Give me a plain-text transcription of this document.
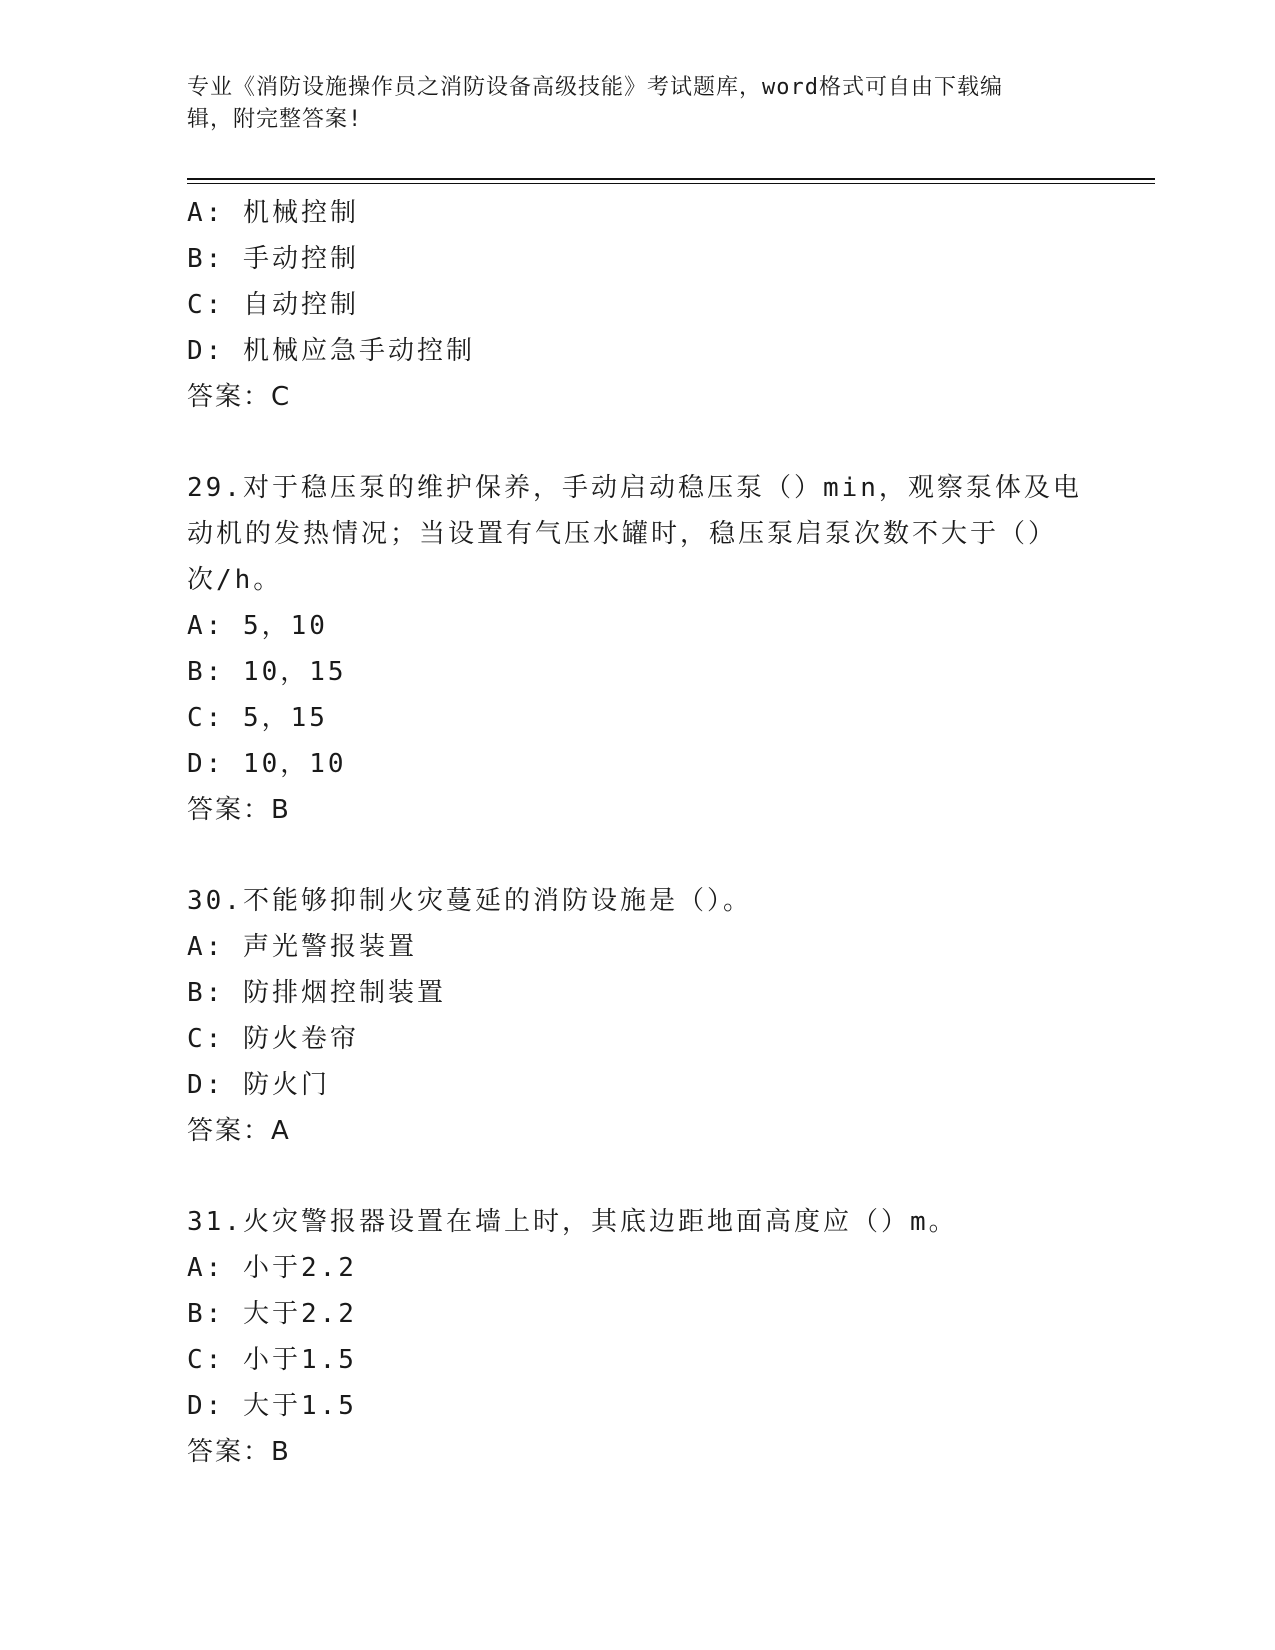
专业《消防设施操作员之消防设备高级技能》考试题库，word格式可自由下载编
辑，附完整答案!
A: 机械控制
B: 手动控制
C: 自动控制
D: 机械应急手动控制
答案：C
29.对于稳压泵的维护保养，手动启动稳压泵（）min，观察泵体及电
动机的发热情况；当设置有气压水罐时，稳压泵启泵次数不大于（）
次/h。
A: 5，10
B: 10，15
C: 5，15
D: 10，10
答案：B
30.不能够抑制火灾蔓延的消防设施是（）。
A: 声光警报装置
B: 防排烟控制装置
C: 防火卷帘
D: 防火门
答案：A
31.火灾警报器设置在墙上时，其底边距地面高度应（）m。
A: 小于2.2
B: 大于2.2
C: 小于1.5
D: 大于1.5
答案：B
